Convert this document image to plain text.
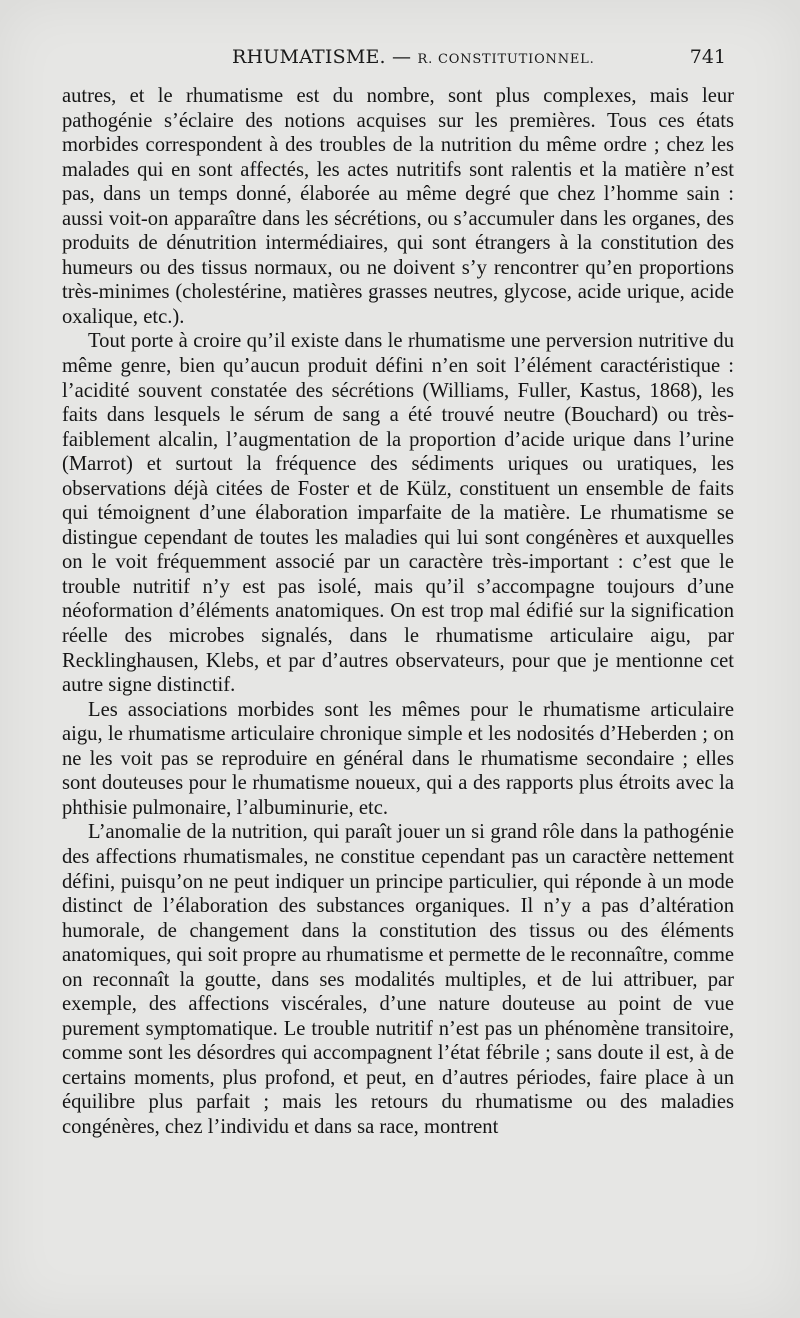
RHUMATISME. — R. CONSTITUTIONNEL.	741

autres, et le rhumatisme est du nombre, sont plus complexes, mais leur pathogénie s’éclaire des notions acquises sur les premières. Tous ces états morbides correspondent à des troubles de la nutrition du même ordre ; chez les malades qui en sont affectés, les actes nutritifs sont ralentis et la matière n’est pas, dans un temps donné, élaborée au même degré que chez l’homme sain : aussi voit-on apparaître dans les sécrétions, ou s’accumuler dans les organes, des produits de dénutrition intermédiaires, qui sont étrangers à la constitution des humeurs ou des tissus normaux, ou ne doivent s’y rencontrer qu’en proportions très-minimes (cholestérine, matières grasses neutres, glycose, acide urique, acide oxalique, etc.).

Tout porte à croire qu’il existe dans le rhumatisme une perversion nutritive du même genre, bien qu’aucun produit défini n’en soit l’élément caractéristique : l’acidité souvent constatée des sécrétions (Williams, Fuller, Kastus, 1868), les faits dans lesquels le sérum de sang a été trouvé neutre (Bouchard) ou très-faiblement alcalin, l’augmentation de la proportion d’acide urique dans l’urine (Marrot) et surtout la fréquence des sédiments uriques ou uratiques, les observations déjà citées de Foster et de Külz, constituent un ensemble de faits qui témoignent d’une élaboration imparfaite de la matière. Le rhumatisme se distingue cependant de toutes les maladies qui lui sont congénères et auxquelles on le voit fréquemment associé par un caractère très-important : c’est que le trouble nutritif n’y est pas isolé, mais qu’il s’accompagne toujours d’une néoformation d’éléments anatomiques. On est trop mal édifié sur la signification réelle des microbes signalés, dans le rhumatisme articulaire aigu, par Recklinghausen, Klebs, et par d’autres observateurs, pour que je mentionne cet autre signe distinctif.

Les associations morbides sont les mêmes pour le rhumatisme articulaire aigu, le rhumatisme articulaire chronique simple et les nodosités d’Heberden ; on ne les voit pas se reproduire en général dans le rhumatisme secondaire ; elles sont douteuses pour le rhumatisme noueux, qui a des rapports plus étroits avec la phthisie pulmonaire, l’albuminurie, etc.

L’anomalie de la nutrition, qui paraît jouer un si grand rôle dans la pathogénie des affections rhumatismales, ne constitue cependant pas un caractère nettement défini, puisqu’on ne peut indiquer un principe particulier, qui réponde à un mode distinct de l’élaboration des substances organiques. Il n’y a pas d’altération humorale, de changement dans la constitution des tissus ou des éléments anatomiques, qui soit propre au rhumatisme et permette de le reconnaître, comme on reconnaît la goutte, dans ses modalités multiples, et de lui attribuer, par exemple, des affections viscérales, d’une nature douteuse au point de vue purement symptomatique. Le trouble nutritif n’est pas un phénomène transitoire, comme sont les désordres qui accompagnent l’état fébrile ; sans doute il est, à de certains moments, plus profond, et peut, en d’autres périodes, faire place à un équilibre plus parfait ; mais les retours du rhumatisme ou des maladies congénères, chez l’individu et dans sa race, montrent
